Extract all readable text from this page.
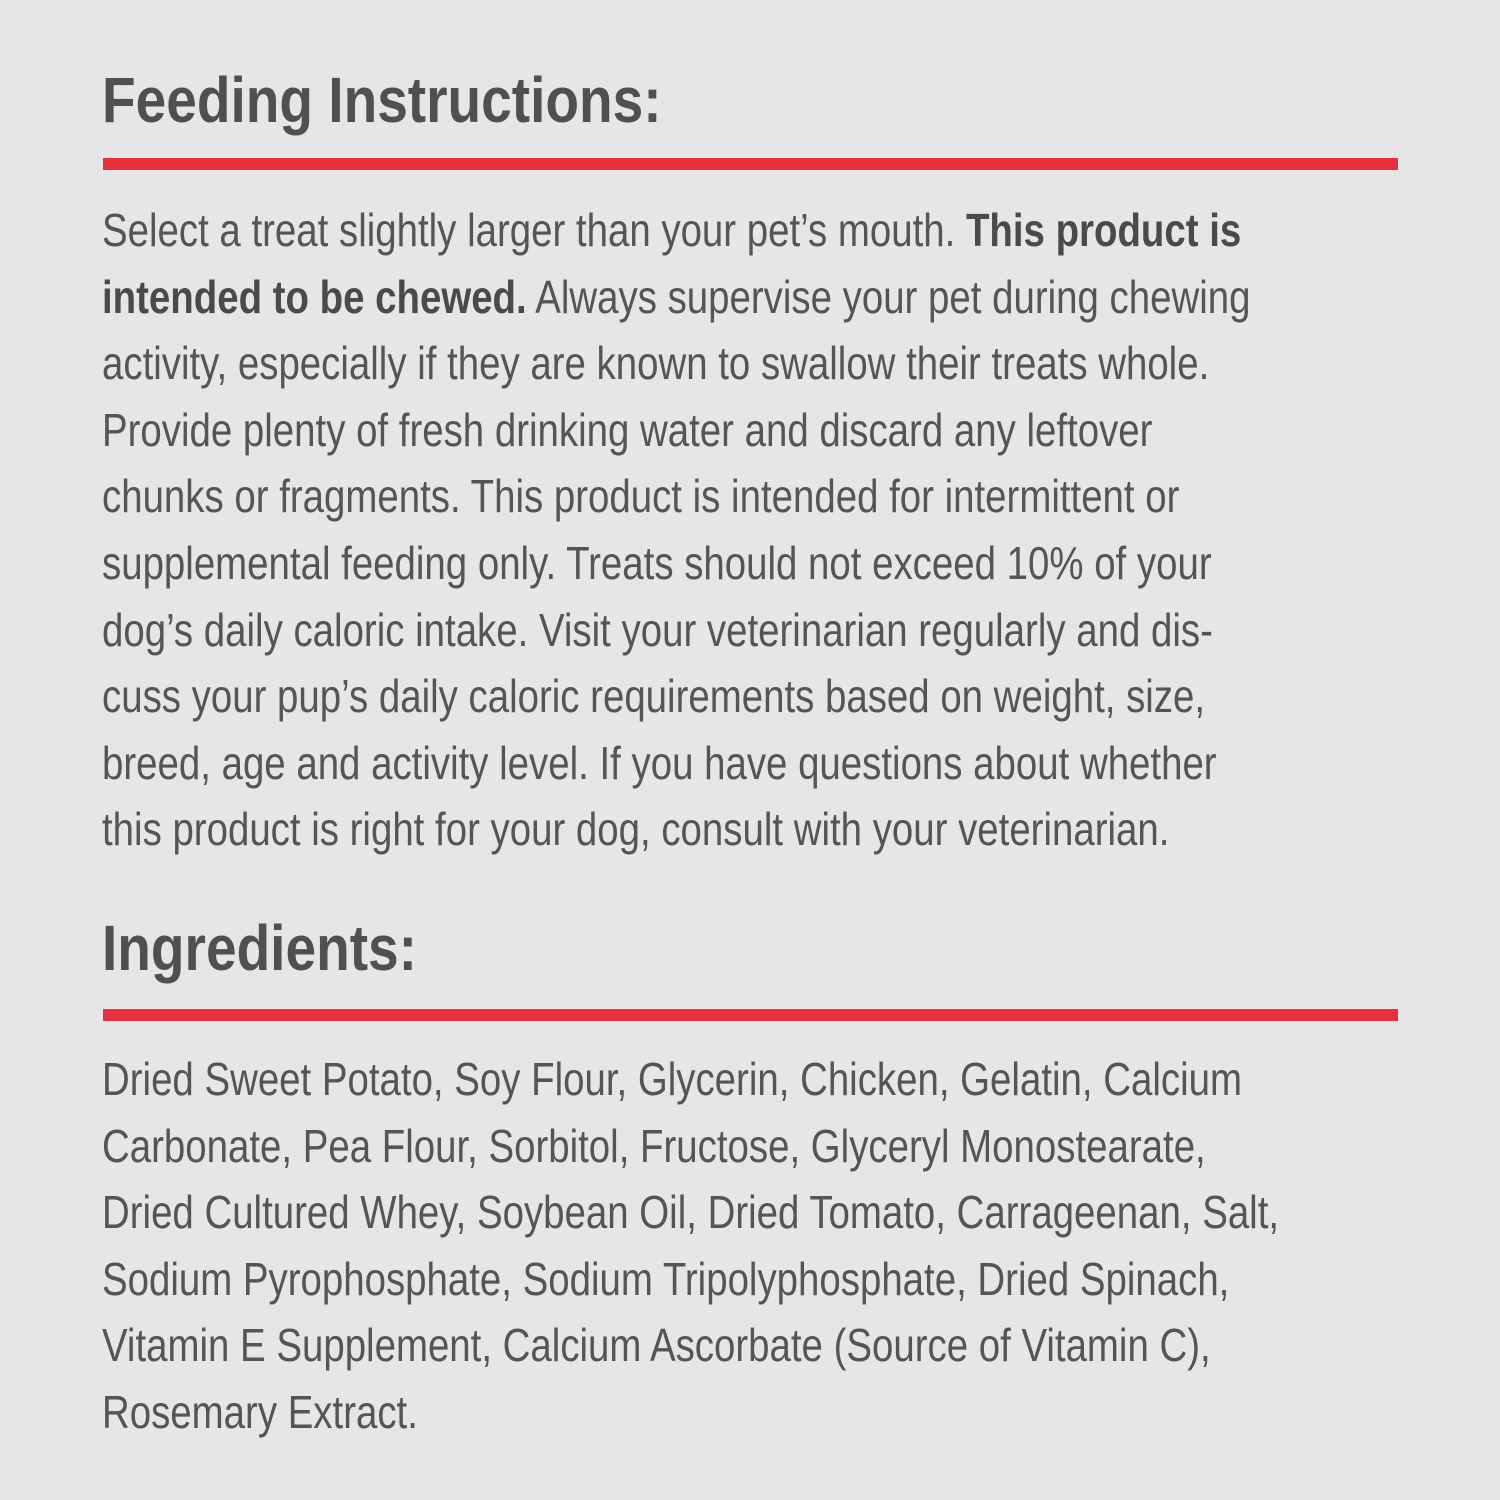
Feeding Instructions:
Select a treat slightly larger than your pet’s mouth. This product is
intended to be chewed. Always supervise your pet during chewing
activity, especially if they are known to swallow their treats whole.
Provide plenty of fresh drinking water and discard any leftover
chunks or fragments. This product is intended for intermittent or
supplemental feeding only. Treats should not exceed 10% of your
dog’s daily caloric intake. Visit your veterinarian regularly and dis-
cuss your pup’s daily caloric requirements based on weight, size,
breed, age and activity level. If you have questions about whether
this product is right for your dog, consult with your veterinarian.
Ingredients:
Dried Sweet Potato, Soy Flour, Glycerin, Chicken, Gelatin, Calcium
Carbonate, Pea Flour, Sorbitol, Fructose, Glyceryl Monostearate,
Dried Cultured Whey, Soybean Oil, Dried Tomato, Carrageenan, Salt,
Sodium Pyrophosphate, Sodium Tripolyphosphate, Dried Spinach,
Vitamin E Supplement, Calcium Ascorbate (Source of Vitamin C),
Rosemary Extract.
